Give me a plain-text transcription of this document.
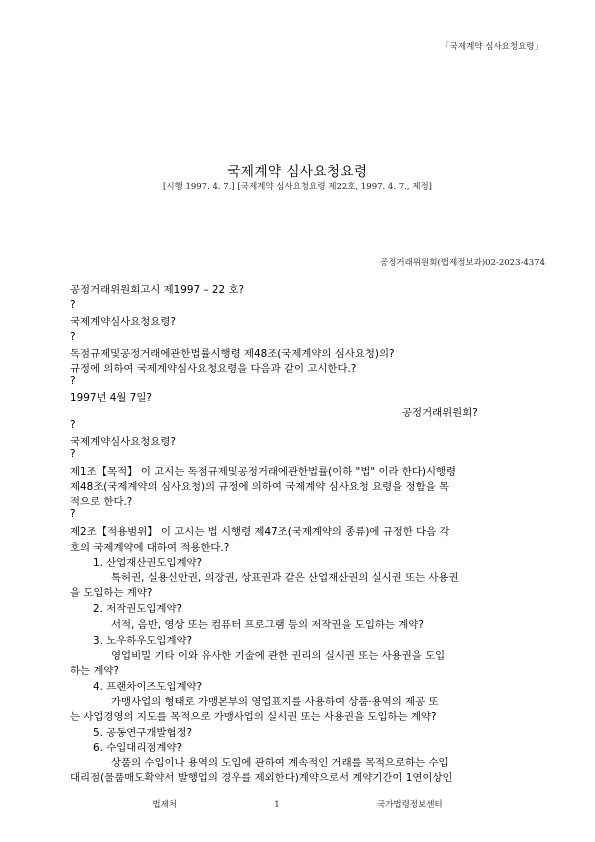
「국제계약 심사요청요령」
국제계약 심사요청요령
[시행 1997. 4. 7.] [국제계약 심사요청요령 제22호, 1997. 4. 7., 제정]
공정거래위원회(법제정보과)02-2023-4374
공정거래위원회고시 제1997 – 22 호?
?
국제계약심사요청요령?
?
독점규제및공정거래에관한법률시행령 제48조(국제계약의 심사요청)의?
규정에 의하여 국제계약심사요청요령을 다음과 같이 고시한다.?
?
1997년 4월 7일?
공정거래위원회?
?
국제계약심사요청요령?
?
제1조【목적】 이 고시는 독점규제및공정거래에관한법률(이하 "법" 이라 한다)시행령
제48조(국제계약의 심사요청)의 규정에 의하여 국제계약 심사요청 요령을 정함을 목
적으로 한다.?
?
제2조【적용범위】 이 고시는 법 시행령 제47조(국제계약의 종류)에 규정한 다음 각
호의 국제계약에 대하여 적용한다.?
1. 산업재산권도입계약?
특허권, 실용신안권, 의장권, 상표권과 같은 산업재산권의 실시권 또는 사용권
을 도입하는 계약?
2. 저작권도입계약?
서적, 음반, 영상 또는 컴퓨터 프로그램 등의 저작권을 도입하는 계약?
3. 노우하우도입계약?
영업비밀 기타 이와 유사한 기술에 관한 권리의 실시권 또는 사용권을 도입
하는 계약?
4. 프랜차이즈도입계약?
가맹사업의 형태로 가맹본부의 영업표지를 사용하여 상품·용역의 제공 또
는 사업경영의 지도를 목적으로 가맹사업의 실시권 또는 사용권을 도입하는 계약?
5. 공동연구개발협정?
6. 수입대리점계약?
상품의 수입이나 용역의 도입에 관하여 계속적인 거래를 목적으로하는 수입
대리점(물품매도확약서 발행업의 경우를 제외한다)계약으로서 계약기간이 1연이상인
법제처                                    1                                    국가법령정보센터
